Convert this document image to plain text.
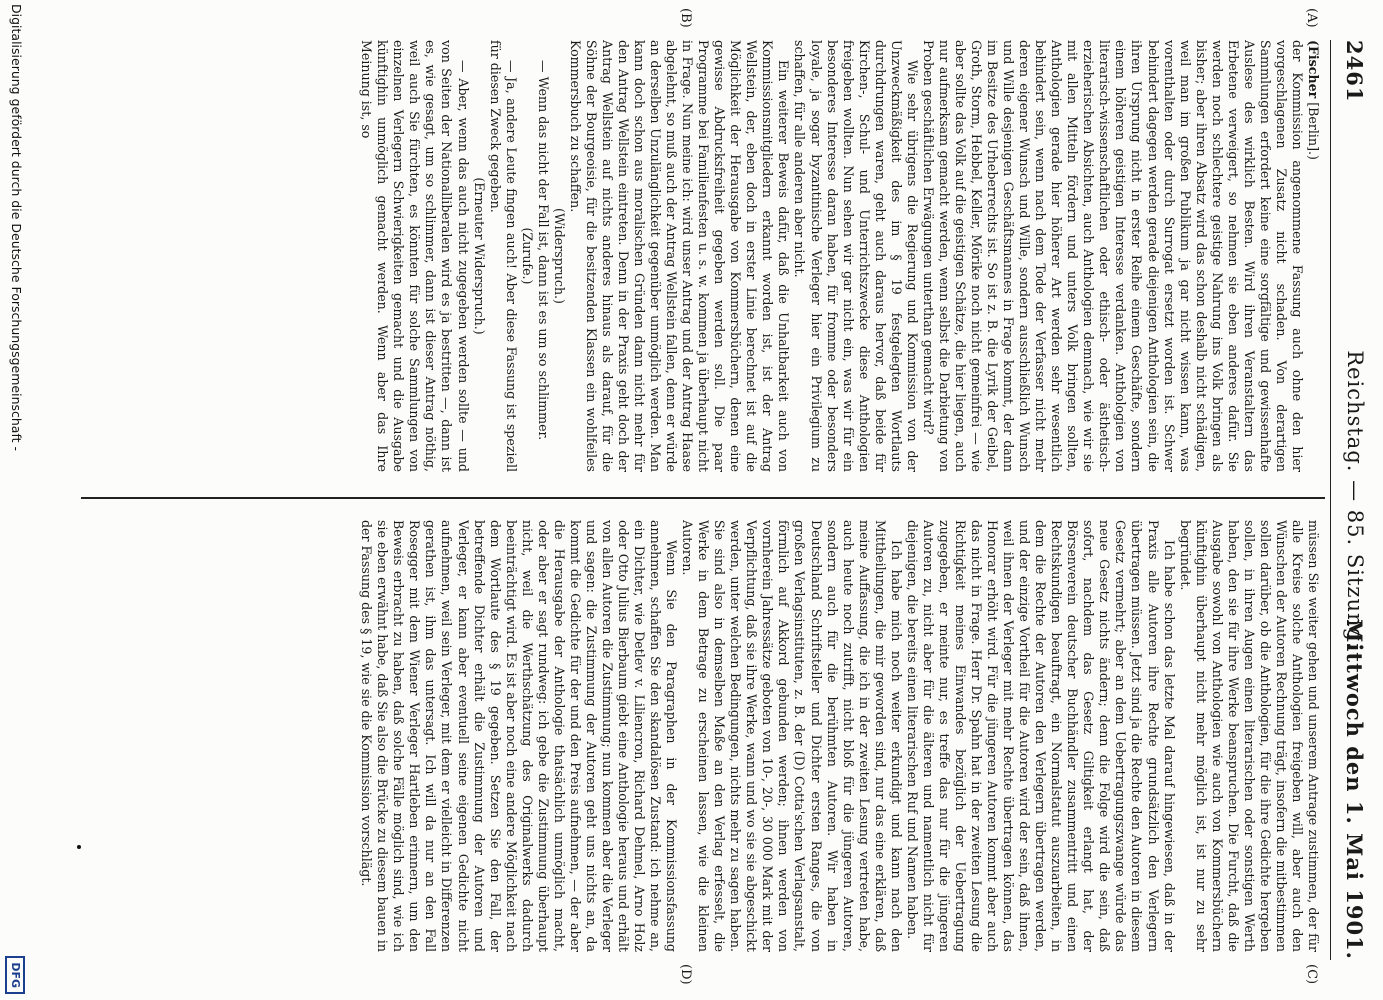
2461
Reichstag. — 85. Sitzung.
Mittwoch den 1. Mai 1901.
(A)
(B)
(C)
(D)

(Fischer [Berlin].)

der Kommission angenommene Fassung auch ohne den hier vorgeschlagenen Zusatz nicht schaden. Von derartigen Sammlungen erfordert keine eine sorgfältige und gewissenhafte Auslese des wirklich Besten. Wird ihren Veranstaltern das Erbetene verweigert, so nehmen sie eben anderes dafür. Sie werden noch schlechtere geistige Nahrung ins Volk bringen als bisher; aber ihren Absatz wird das schon deshalb nicht schädigen, weil man im großen Publikum ja gar nicht wissen kann, was vorenthalten oder durch Surrogat ersetzt worden ist. Schwer behindert dagegen werden gerade diejenigen Anthologien sein, die ihren Ursprung nicht in erster Reihe einem Geschäfte, sondern einem höheren geistigen Interesse verdanken. Anthologien von literarisch-wissenschaftlichen oder ethisch- oder ästhetisch-erzieherischen Absichten, auch Anthologien demnach, wie wir sie mit allen Mitteln fördern und unters Volk bringen sollten, Anthologien gerade hier höherer Art werden sehr wesentlich behindert sein, wenn nach dem Tode der Verfasser nicht mehr deren eigener Wunsch und Wille, sondern ausschließlich Wunsch und Wille desjenigen Geschäftsmannes in Frage kommt, der dann im Besitze des Urheberrechts ist. So ist z. B. die Lyrik der Geibel, Groth, Storm, Hebbel, Keller, Mörike noch nicht gemeinfrei — wie aber sollte das Volk auf die geistigen Schätze, die hier liegen, auch nur aufmerksam gemacht werden, wenn selbst die Darbietung von Proben geschäftlichen Erwägungen unterthan gemacht wird?

Wie sehr übrigens die Regierung und Kommission von der Unzweckmäßigkeit des im § 19 festgelegten Wortlauts durchdrungen waren, geht auch daraus hervor, daß beide für Kirchen-, Schul- und Unterrichtszwecke diese Anthologien freigeben wollten. Nun sehen wir gar nicht ein, was wir für ein besonderes Interesse daran haben, für fromme oder besonders loyale, ja sogar byzantinische Verleger hier ein Privilegium zu schaffen, für alle anderen aber nicht.

Ein weiterer Beweis dafür, daß die Unhaltbarkeit auch von Kommissionsmitgliedern erkannt worden ist, ist der Antrag Wellstein, der, eben doch in erster Linie berechnet ist auf die Möglichkeit der Herausgabe von Kommersbüchern, denen eine gewisse Abdrucksfreiheit gegeben werden soll. Die paar Programme bei Familienfesten u. s. w. kommen ja überhaupt nicht in Frage. Nun meine ich: wird unser Antrag und der Antrag Haase abgelehnt, so muß auch der Antrag Wellstein fallen, denn er würde an derselben Unzulänglichkeit gegenüber unmöglich werden. Man kann doch schon aus moralischen Gründen dann nicht mehr für den Antrag Wellstein eintreten. Denn in der Praxis geht doch der Antrag Wellstein auf nichts anderes hinaus als darauf, für die Söhne der Bourgeoisie, für die besitzenden Klassen ein wohlfeiles Kommersbuch zu schaffen.

(Widerspruch.)

— Wenn das nicht der Fall ist, dann ist es um so schlimmer.

(Zurufe.)

— Ja, andere Leute fingen auch! Aber diese Fassung ist speziell für diesen Zweck gegeben.

(Erneuter Widerspruch.)

— Aber, wenn das auch nicht zugegeben werden sollte — und von Seiten der Nationalliberalen wird es ja bestritten —, dann ist es, wie gesagt, um so schlimmer, dann ist dieser Antrag nöthig, weil auch Sie fürchten, es könnten für solche Sammlungen von einzelnen Verlegern Schwierigkeiten gemacht und die Ausgabe künftighin unmöglich gemacht werden. Wenn aber das Ihre Meinung ist, so

müssen Sie weiter gehen und unserem Antrage zustimmen, der für alle Kreise solche Anthologien freigeben will, aber auch den Wünschen der Autoren Rechnung trägt, insofern die mitbestimmen sollen darüber, ob die Anthologien, für die ihre Gedichte hergeben sollen, in ihren Augen einen literarischen oder sonstigen Werth haben, den sie für ihre Werke beanspruchen. Die Furcht, daß die Ausgabe sowohl von Anthologien wie auch von Kommersbüchern künftighin überhaupt nicht mehr möglich ist, ist nur zu sehr begründet.

Ich habe schon das letzte Mal darauf hingewiesen, daß in der Praxis alle Autoren ihre Rechte grundsätzlich den Verlegern übertragen müssen. Jetzt sind ja die Rechte den Autoren in diesem Gesetz vermehrt; aber an dem Uebertragungszwange würde das neue Gesetz nichts ändern; denn die Folge wird die sein, daß sofort, nachdem das Gesetz Giltigkeit erlangt hat, der Börsenverein deutscher Buchhändler zusammentritt und einen Rechtskundigen beauftragt, ein Normalstatut auszuarbeiten, in dem die Rechte der Autoren den Verlegern übertragen werden, und der einzige Vortheil für die Autoren wird der sein, daß ihnen, weil ihnen der Verleger mit mehr Rechte übertragen können, das Honorar erhöht wird. Für die jüngeren Autoren kommt aber auch das nicht in Frage. Herr Dr. Spahn hat in der zweiten Lesung die Richtigkeit meines Einwandes bezüglich der Uebertragung zugegeben, er meinte nur, es treffe das nur für die jüngeren Autoren zu, nicht aber für die älteren und namentlich nicht für diejenigen, die bereits einen literarischen Ruf und Namen haben.

Ich habe mich noch weiter erkundigt und kann nach den Mittheilungen, die mir geworden sind, nur das eine erklären, daß meine Auffassung, die ich in der zweiten Lesung vertreten habe, auch heute noch zutrifft, nicht bloß für die jüngeren Autoren, sondern auch für die berühmten Autoren. Wir haben in Deutschland Schriftsteller und Dichter ersten Ranges, die von großen Verlagsinstituten, z. B. der (D) Cotta'schen Verlagsanstalt, förmlich auf Akkord gebunden werden; ihnen werden von vornherein Jahressätze geboten von 10-, 20-, 30 000 Mark mit der Verpflichtung, daß sie ihre Werke, wann und wo sie sie abgeschickt werden, unter welchen Bedingungen, nichts mehr zu sagen haben. Sie sind also in demselben Maße an den Verlag erfesselt, die Werke in dem Betrage zu erscheinen lassen, wie die kleinen Autoren.

Wenn Sie den Paragraphen in der Kommissionsfassung annehmen, schaffen Sie den skandalösen Zustand: ich nehme an, ein Dichter, wie Detlev v. Liliencron, Richard Dehmel, Arno Holz oder Otto Julius Bierbaum giebt eine Anthologie heraus und erhält von allen Autoren die Zustimmung; nun kommen aber die Verleger und sagen: die Zustimmung der Autoren geht uns nichts an, da kommt die Gedichte für der und den Preis aufnehmen, — der aber die Herausgabe der Anthologie thatsächlich unmöglich macht, oder aber er sagt rundweg: ich gebe die Zustimmung überhaupt nicht, weil die Werthschätzung des Originalwerks dadurch beeinträchtigt wird. Es ist aber noch eine andere Möglichkeit nach dem Wortlaute des § 19 gegeben. Setzen Sie den Fall, der betreffende Dichter erhält die Zustimmung der Autoren und Verleger, er kann aber eventuell seine eigenen Gedichte nicht aufnehmen, weil sein Verleger, mit dem er vielleicht in Differenzen gerathen ist, ihm das untersagt. Ich will da nur an den Fall Rosegger mit dem Wiener Verleger Hartleben erinnern, um den Beweis erbracht zu haben, daß solche Fälle möglich sind, wie ich sie eben erwähnt habe, daß Sie also die Brücke zu diesem bauen in der Fassung des § 19, wie sie die Kommission vorschlägt.

Digitalisierung gefördert durch die Deutsche Forschungsgemeinschaft -
DFG
